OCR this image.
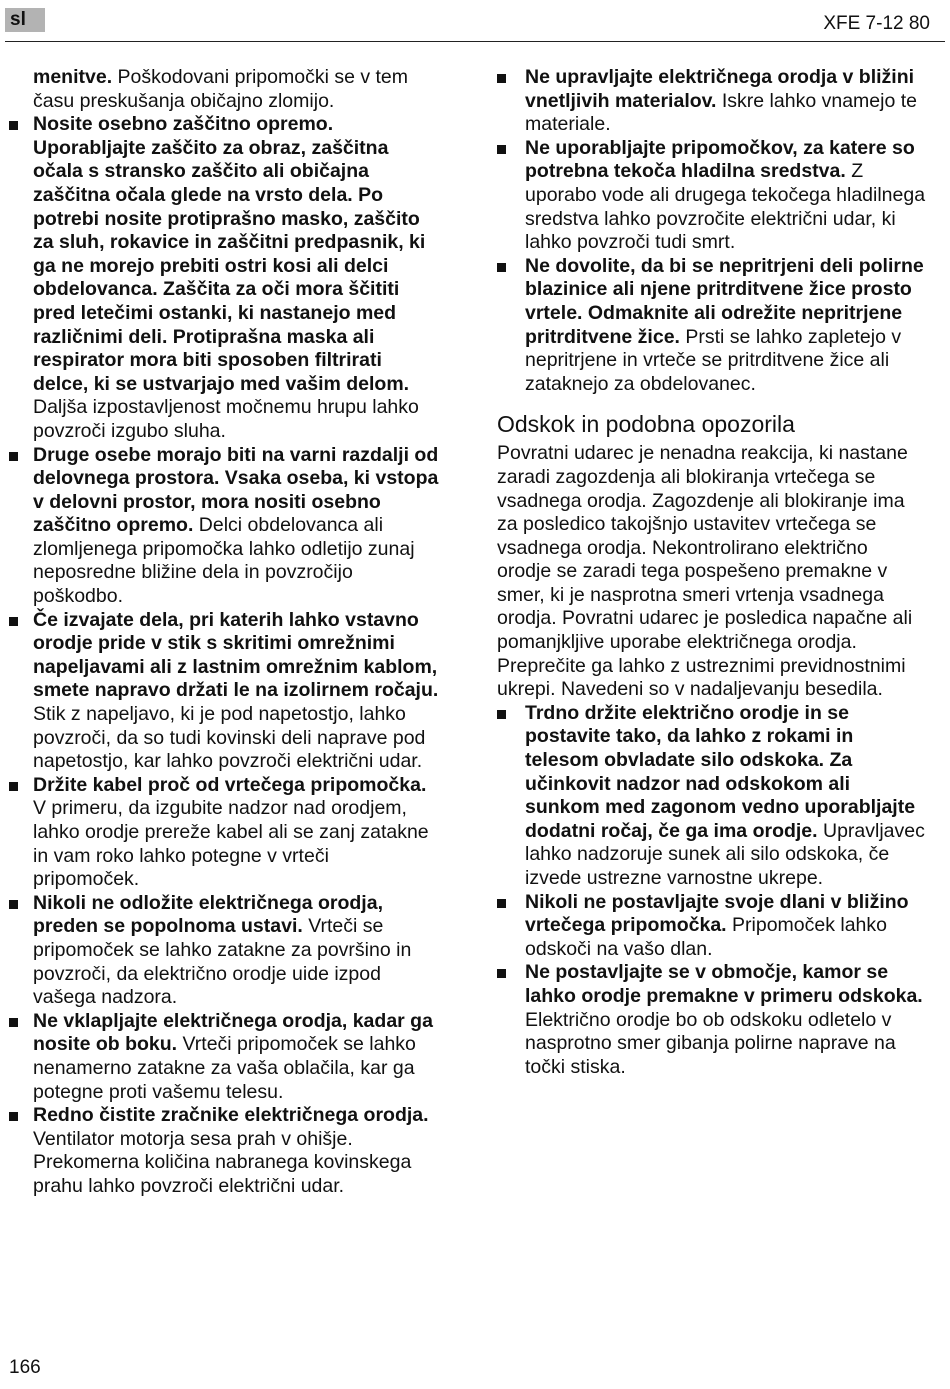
sl	XFE 7-12 80

menitve. Poškodovani pripomočki se v tem času preskušanja običajno zlomijo.

Nosite osebno zaščitno opremo. Uporabljajte zaščito za obraz, zaščitna očala s stransko zaščito ali običajna zaščitna očala glede na vrsto dela. Po potrebi nosite protiprašno masko, zaščito za sluh, rokavice in zaščitni predpasnik, ki ga ne morejo prebiti ostri kosi ali delci obdelovanca. Zaščita za oči mora ščititi pred letečimi ostanki, ki nastanejo med različnimi deli. Protiprašna maska ali respirator mora biti sposoben filtrirati delce, ki se ustvarjajo med vašim delom. Daljša izpostavljenost močnemu hrupu lahko povzroči izgubo sluha.

Druge osebe morajo biti na varni razdalji od delovnega prostora. Vsaka oseba, ki vstopa v delovni prostor, mora nositi osebno zaščitno opremo. Delci obdelovanca ali zlomljenega pripomočka lahko odletijo zunaj neposredne bližine dela in povzročijo poškodbo.

Če izvajate dela, pri katerih lahko vstavno orodje pride v stik s skritimi omrežnimi napeljavami ali z lastnim omrežnim kablom, smete napravo držati le na izolirnem ročaju. Stik z napeljavo, ki je pod napetostjo, lahko povzroči, da so tudi kovinski deli naprave pod napetostjo, kar lahko povzroči električni udar.

Držite kabel proč od vrtečega pripomočka. V primeru, da izgubite nadzor nad orodjem, lahko orodje prereže kabel ali se zanj zatakne in vam roko lahko potegne v vrteči pripomoček.

Nikoli ne odložite električnega orodja, preden se popolnoma ustavi. Vrteči se pripomoček se lahko zatakne za površino in povzroči, da električno orodje uide izpod vašega nadzora.

Ne vklapljajte električnega orodja, kadar ga nosite ob boku. Vrteči pripomoček se lahko nenamerno zatakne za vaša oblačila, kar ga potegne proti vašemu telesu.

Redno čistite zračnike električnega orodja. Ventilator motorja sesa prah v ohišje. Prekomerna količina nabranega kovinskega prahu lahko povzroči električni udar.

Ne upravljajte električnega orodja v bližini vnetljivih materialov. Iskre lahko vnamejo te materiale.

Ne uporabljajte pripomočkov, za katere so potrebna tekoča hladilna sredstva. Z uporabo vode ali drugega tekočega hladilnega sredstva lahko povzročite električni udar, ki lahko povzroči tudi smrt.

Ne dovolite, da bi se nepritrjeni deli polirne blazinice ali njene pritrditvene žice prosto vrtele. Odmaknite ali odrežite nepritrjene pritrditvene žice. Prsti se lahko zapletejo v nepritrjene in vrteče se pritrditvene žice ali zataknejo za obdelovanec.

Odskok in podobna opozorila

Povratni udarec je nenadna reakcija, ki nastane zaradi zagozdenja ali blokiranja vrtečega se vsadnega orodja. Zagozdenje ali blokiranje ima za posledico takojšnjo ustavitev vrtečega se vsadnega orodja. Nekontrolirano električno orodje se zaradi tega pospešeno premakne v smer, ki je nasprotna smeri vrtenja vsadnega orodja. Povratni udarec je posledica napačne ali pomanjkljive uporabe električnega orodja. Preprečite ga lahko z ustreznimi previdnostnimi ukrepi. Navedeni so v nadaljevanju besedila.

Trdno držite električno orodje in se postavite tako, da lahko z rokami in telesom obvladate silo odskoka. Za učinkovit nadzor nad odskokom ali sunkom med zagonom vedno uporabljajte dodatni ročaj, če ga ima orodje. Upravljavec lahko nadzoruje sunek ali silo odskoka, če izvede ustrezne varnostne ukrepe.

Nikoli ne postavljajte svoje dlani v bližino vrtečega pripomočka. Pripomoček lahko odskoči na vašo dlan.

Ne postavljajte se v območje, kamor se lahko orodje premakne v primeru odskoka. Električno orodje bo ob odskoku odletelo v nasprotno smer gibanja polirne naprave na točki stiska.

166
